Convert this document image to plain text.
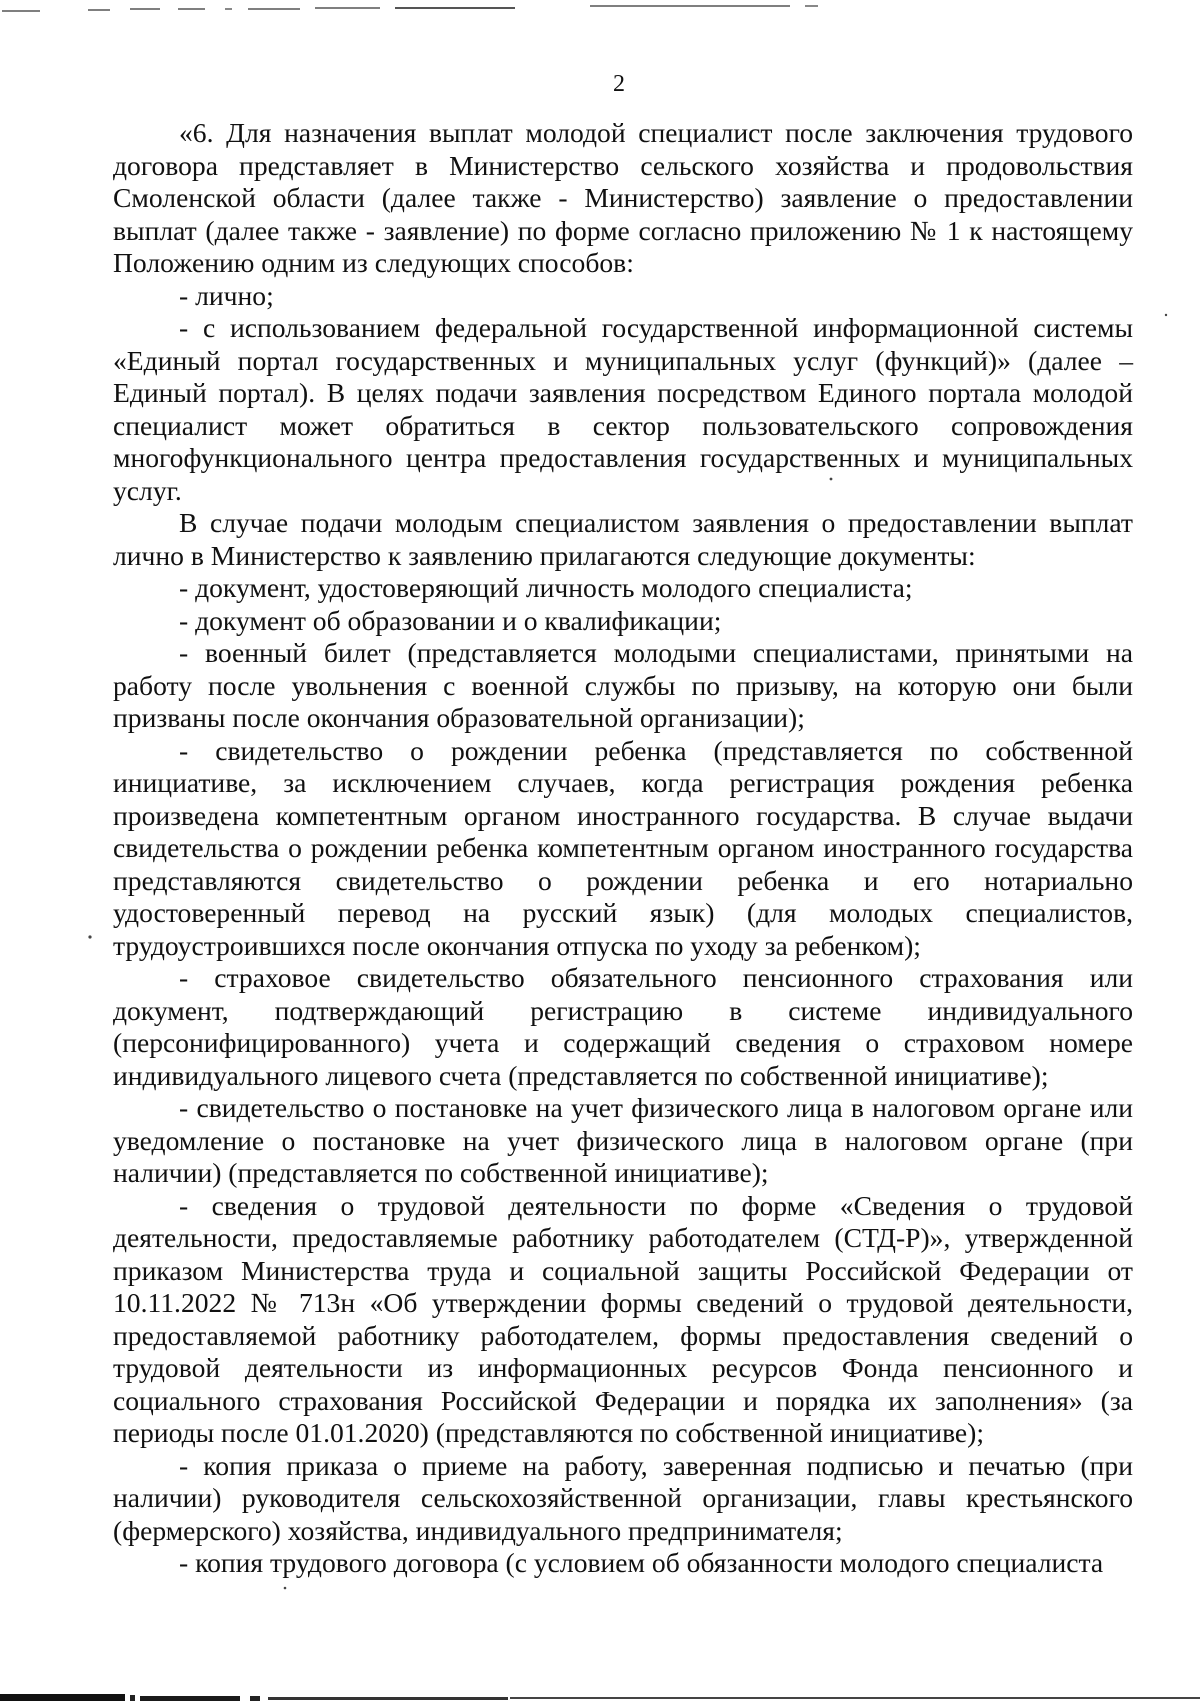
2

«6. Для назначения выплат молодой специалист после заключения трудового договора представляет в Министерство сельского хозяйства и продовольствия Смоленской области (далее также - Министерство) заявление о предоставлении выплат (далее также - заявление) по форме согласно приложению № 1 к настоящему Положению одним из следующих способов:

- лично;

- с использованием федеральной государственной информационной системы «Единый портал государственных и муниципальных услуг (функций)» (далее – Единый портал). В целях подачи заявления посредством Единого портала молодой специалист может обратиться в сектор пользовательского сопровождения многофункционального центра предоставления государственных и муниципальных услуг.

В случае подачи молодым специалистом заявления о предоставлении выплат лично в Министерство к заявлению прилагаются следующие документы:

- документ, удостоверяющий личность молодого специалиста;

- документ об образовании и о квалификации;

- военный билет (представляется молодыми специалистами, принятыми на работу после увольнения с военной службы по призыву, на которую они были призваны после окончания образовательной организации);

- свидетельство о рождении ребенка (представляется по собственной инициативе, за исключением случаев, когда регистрация рождения ребенка произведена компетентным органом иностранного государства. В случае выдачи свидетельства о рождении ребенка компетентным органом иностранного государства представляются свидетельство о рождении ребенка и его нотариально удостоверенный перевод на русский язык) (для молодых специалистов, трудоустроившихся после окончания отпуска по уходу за ребенком);

- страховое свидетельство обязательного пенсионного страхования или документ, подтверждающий регистрацию в системе индивидуального (персонифицированного) учета и содержащий сведения о страховом номере индивидуального лицевого счета (представляется по собственной инициативе);

- свидетельство о постановке на учет физического лица в налоговом органе или уведомление о постановке на учет физического лица в налоговом органе (при наличии) (представляется по собственной инициативе);

- сведения о трудовой деятельности по форме «Сведения о трудовой деятельности, предоставляемые работнику работодателем (СТД-Р)», утвержденной приказом Министерства труда и социальной защиты Российской Федерации от 10.11.2022 № 713н «Об утверждении формы сведений о трудовой деятельности, предоставляемой работнику работодателем, формы предоставления сведений о трудовой деятельности из информационных ресурсов Фонда пенсионного и социального страхования Российской Федерации и порядка их заполнения» (за периоды после 01.01.2020) (представляются по собственной инициативе);

- копия приказа о приеме на работу, заверенная подписью и печатью (при наличии) руководителя сельскохозяйственной организации, главы крестьянского (фермерского) хозяйства, индивидуального предпринимателя;

- копия трудового договора (с условием об обязанности молодого специалиста
